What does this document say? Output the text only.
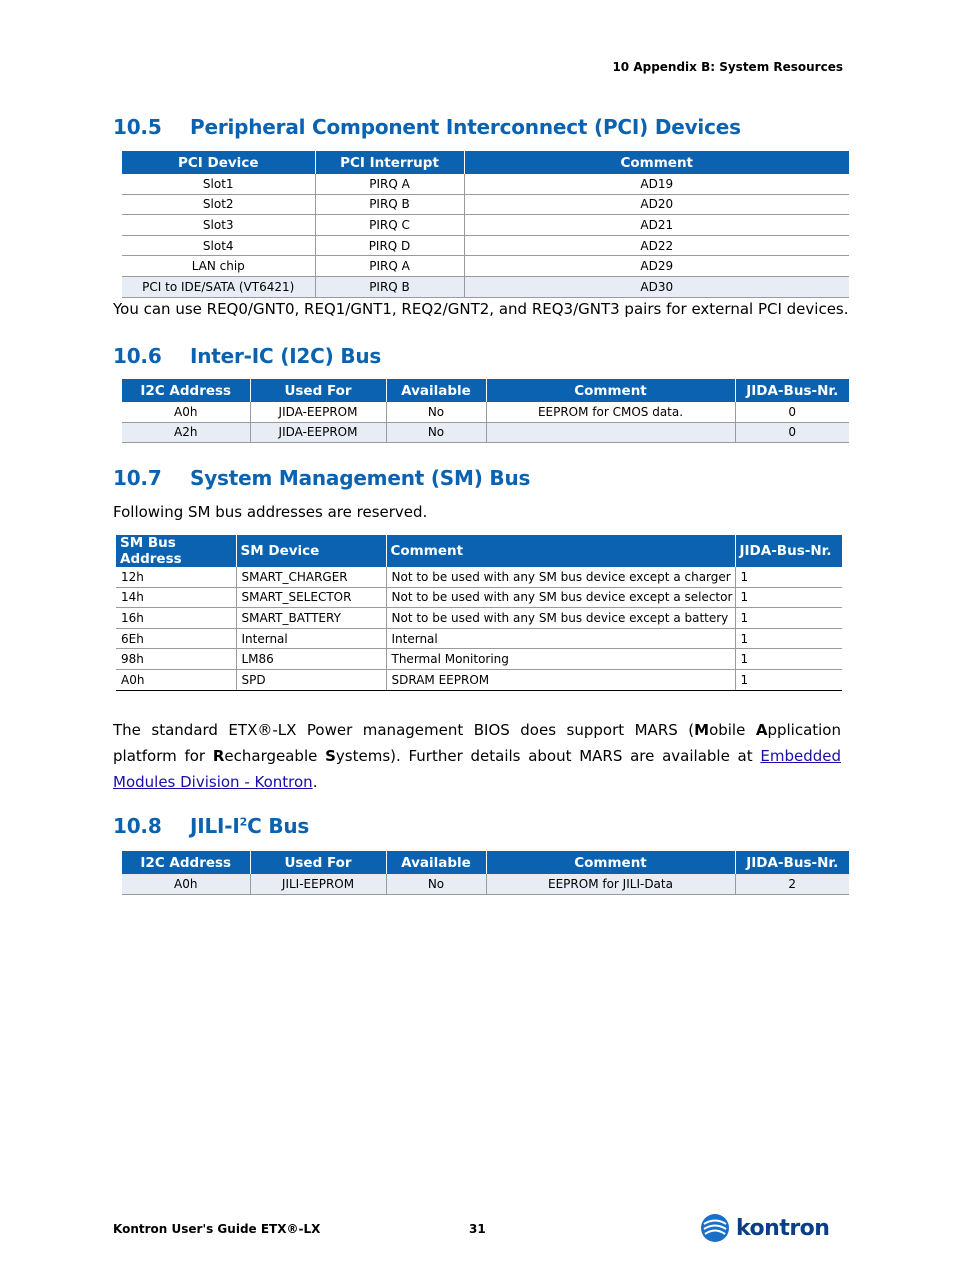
10 Appendix B: System Resources
10.5 Peripheral Component Interconnect (PCI) Devices
PCI Device	PCI Interrupt	Comment
Slot1	PIRQ A	AD19
Slot2	PIRQ B	AD20
Slot3	PIRQ C	AD21
Slot4	PIRQ D	AD22
LAN chip	PIRQ A	AD29
PCI to IDE/SATA (VT6421)	PIRQ B	AD30
You can use REQ0/GNT0, REQ1/GNT1, REQ2/GNT2, and REQ3/GNT3 pairs for external PCI devices.
10.6 Inter-IC (I2C) Bus
I2C Address	Used For	Available	Comment	JIDA-Bus-Nr.
A0h	JIDA-EEPROM	No	EEPROM for CMOS data.	0
A2h	JIDA-EEPROM	No		0
10.7 System Management (SM) Bus
Following SM bus addresses are reserved.
SM Bus Address	SM Device	Comment	JIDA-Bus-Nr.
12h	SMART_CHARGER	Not to be used with any SM bus device except a charger	1
14h	SMART_SELECTOR	Not to be used with any SM bus device except a selector	1
16h	SMART_BATTERY	Not to be used with any SM bus device except a battery	1
6Eh	Internal	Internal	1
98h	LM86	Thermal Monitoring	1
A0h	SPD	SDRAM EEPROM	1
The standard ETX®-LX Power management BIOS does support MARS (Mobile Application platform for Rechargeable Systems). Further details about MARS are available at Embedded Modules Division - Kontron.
10.8 JILI-$I^2C$ Bus
I2C Address	Used For	Available	Comment	JIDA-Bus-Nr.
A0h	JILI-EEPROM	No	EEPROM for JILI-Data	2
Kontron User's Guide ETX®-LX	31	kontron
